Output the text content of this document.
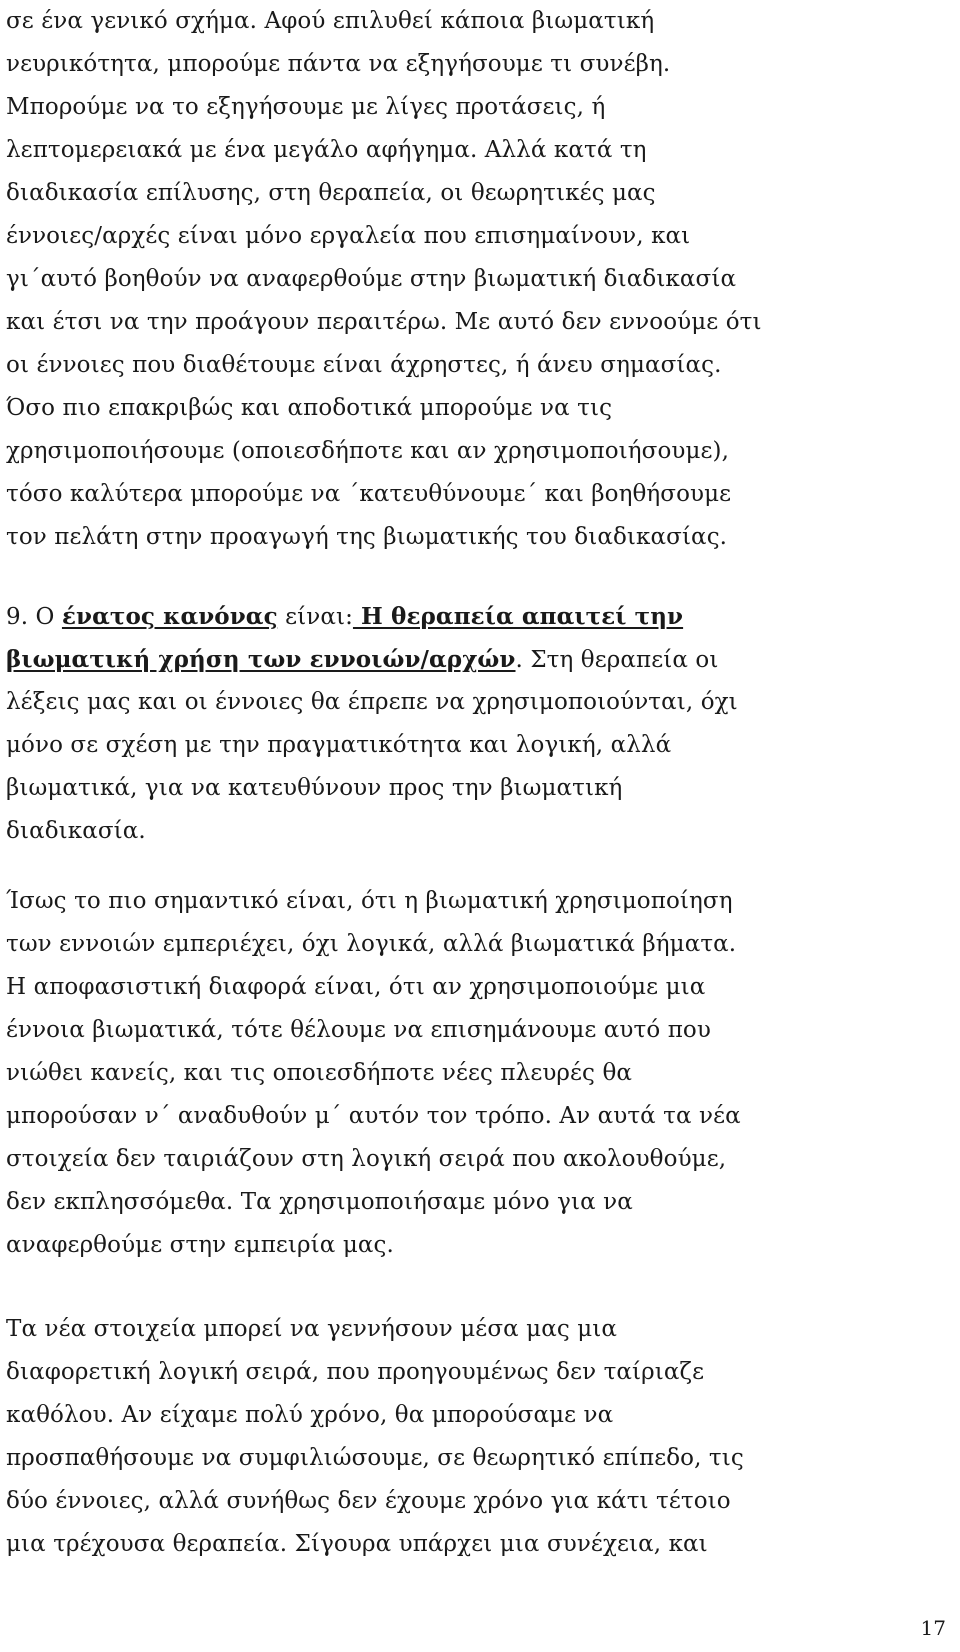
σε ένα γενικό σχήμα. Αφού επιλυθεί κάποια βιωματική
νευρικότητα, μπορούμε πάντα να εξηγήσουμε τι συνέβη.
Μπορούμε να το εξηγήσουμε με λίγες προτάσεις, ή
λεπτομερειακά με ένα μεγάλο αφήγημα. Αλλά κατά τη
διαδικασία επίλυσης, στη θεραπεία, οι θεωρητικές μας
έννοιες/αρχές είναι μόνο εργαλεία που επισημαίνουν, και
γι΄αυτό βοηθούν να αναφερθούμε στην βιωματική διαδικασία
και έτσι να την προάγουν περαιτέρω. Με αυτό δεν εννοούμε ότι
οι έννοιες που διαθέτουμε είναι άχρηστες, ή άνευ σημασίας.
Όσο πιο επακριβώς και αποδοτικά μπορούμε να τις
χρησιμοποιήσουμε (οποιεσδήποτε και αν χρησιμοποιήσουμε),
τόσο καλύτερα μπορούμε να ΄κατευθύνουμε΄ και βοηθήσουμε
τον πελάτη στην προαγωγή της βιωματικής του διαδικασίας.
9. Ο ένατος κανόνας είναι: Η θεραπεία απαιτεί την
βιωματική χρήση των εννοιών/αρχών. Στη θεραπεία οι
λέξεις μας και οι έννοιες θα έπρεπε να χρησιμοποιούνται, όχι
μόνο σε σχέση με την πραγματικότητα και λογική, αλλά
βιωματικά, για να κατευθύνουν προς την βιωματική
διαδικασία.
Ίσως το πιο σημαντικό είναι, ότι η βιωματική χρησιμοποίηση
των εννοιών εμπεριέχει, όχι λογικά, αλλά βιωματικά βήματα.
Η αποφασιστική διαφορά είναι, ότι αν χρησιμοποιούμε μια
έννοια βιωματικά, τότε θέλουμε να επισημάνουμε αυτό που
νιώθει κανείς, και τις οποιεσδήποτε νέες πλευρές θα
μπορούσαν ν΄ αναδυθούν μ΄ αυτόν τον τρόπο. Αν αυτά τα νέα
στοιχεία δεν ταιριάζουν στη λογική σειρά που ακολουθούμε,
δεν εκπλησσόμεθα. Τα χρησιμοποιήσαμε μόνο για να
αναφερθούμε στην εμπειρία μας.
Τα νέα στοιχεία μπορεί να γεννήσουν μέσα μας μια
διαφορετική λογική σειρά, που προηγουμένως δεν ταίριαζε
καθόλου. Αν είχαμε πολύ χρόνο, θα μπορούσαμε να
προσπαθήσουμε να συμφιλιώσουμε, σε θεωρητικό επίπεδο, τις
δύο έννοιες, αλλά συνήθως δεν έχουμε χρόνο για κάτι τέτοιο
μια τρέχουσα θεραπεία. Σίγουρα υπάρχει μια συνέχεια, και
17
